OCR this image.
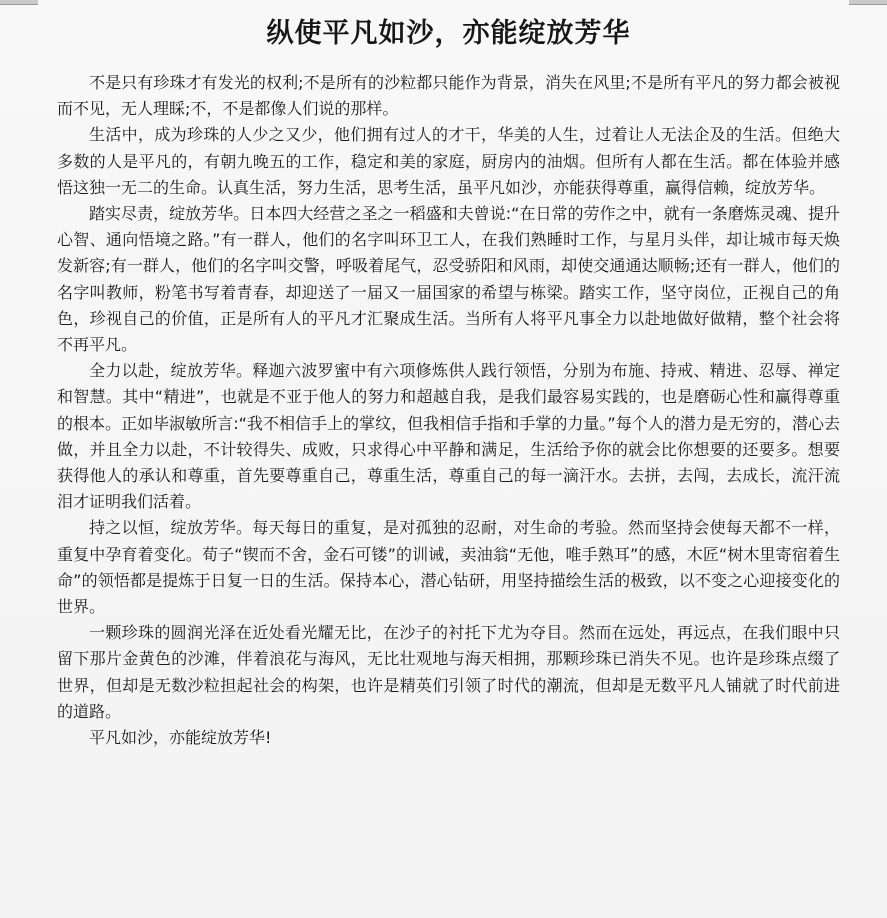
纵使平凡如沙，亦能绽放芳华

不是只有珍珠才有发光的权利;不是所有的沙粒都只能作为背景，消失在风里;不是所有平凡的努力都会被视而不见，无人理睬;不，不是都像人们说的那样。

生活中，成为珍珠的人少之又少，他们拥有过人的才干，华美的人生，过着让人无法企及的生活。但绝大多数的人是平凡的，有朝九晚五的工作，稳定和美的家庭，厨房内的油烟。但所有人都在生活。都在体验并感悟这独一无二的生命。认真生活，努力生活，思考生活，虽平凡如沙，亦能获得尊重，赢得信赖，绽放芳华。

踏实尽责，绽放芳华。日本四大经营之圣之一稻盛和夫曾说:“在日常的劳作之中，就有一条磨炼灵魂、提升心智、通向悟境之路。”有一群人，他们的名字叫环卫工人，在我们熟睡时工作，与星月头伴，却让城市每天焕发新容;有一群人，他们的名字叫交警，呼吸着尾气，忍受骄阳和风雨，却使交通通达顺畅;还有一群人，他们的名字叫教师，粉笔书写着青春，却迎送了一届又一届国家的希望与栋梁。踏实工作，坚守岗位，正视自己的角色，珍视自己的价值，正是所有人的平凡才汇聚成生活。当所有人将平凡事全力以赴地做好做精，整个社会将不再平凡。

全力以赴，绽放芳华。释迦六波罗蜜中有六项修炼供人践行领悟，分别为布施、持戒、精进、忍辱、禅定和智慧。其中“精进”，也就是不亚于他人的努力和超越自我，是我们最容易实践的，也是磨砺心性和赢得尊重的根本。正如毕淑敏所言:“我不相信手上的掌纹，但我相信手指和手掌的力量。”每个人的潜力是无穷的，潜心去做，并且全力以赴，不计较得失、成败，只求得心中平静和满足，生活给予你的就会比你想要的还要多。想要获得他人的承认和尊重，首先要尊重自己，尊重生活，尊重自己的每一滴汗水。去拼，去闯，去成长，流汗流泪才证明我们活着。

持之以恒，绽放芳华。每天每日的重复，是对孤独的忍耐，对生命的考验。然而坚持会使每天都不一样，重复中孕育着变化。荀子“锲而不舍，金石可镂”的训诫，卖油翁“无他，唯手熟耳”的感，木匠“树木里寄宿着生命”的领悟都是提炼于日复一日的生活。保持本心，潜心钻研，用坚持描绘生活的极致，以不变之心迎接变化的世界。

一颗珍珠的圆润光泽在近处看光耀无比，在沙子的衬托下尤为夺目。然而在远处，再远点，在我们眼中只留下那片金黄色的沙滩，伴着浪花与海风，无比壮观地与海天相拥，那颗珍珠已消失不见。也许是珍珠点缀了世界，但却是无数沙粒担起社会的构架，也许是精英们引领了时代的潮流，但却是无数平凡人铺就了时代前进的道路。

平凡如沙，亦能绽放芳华!
